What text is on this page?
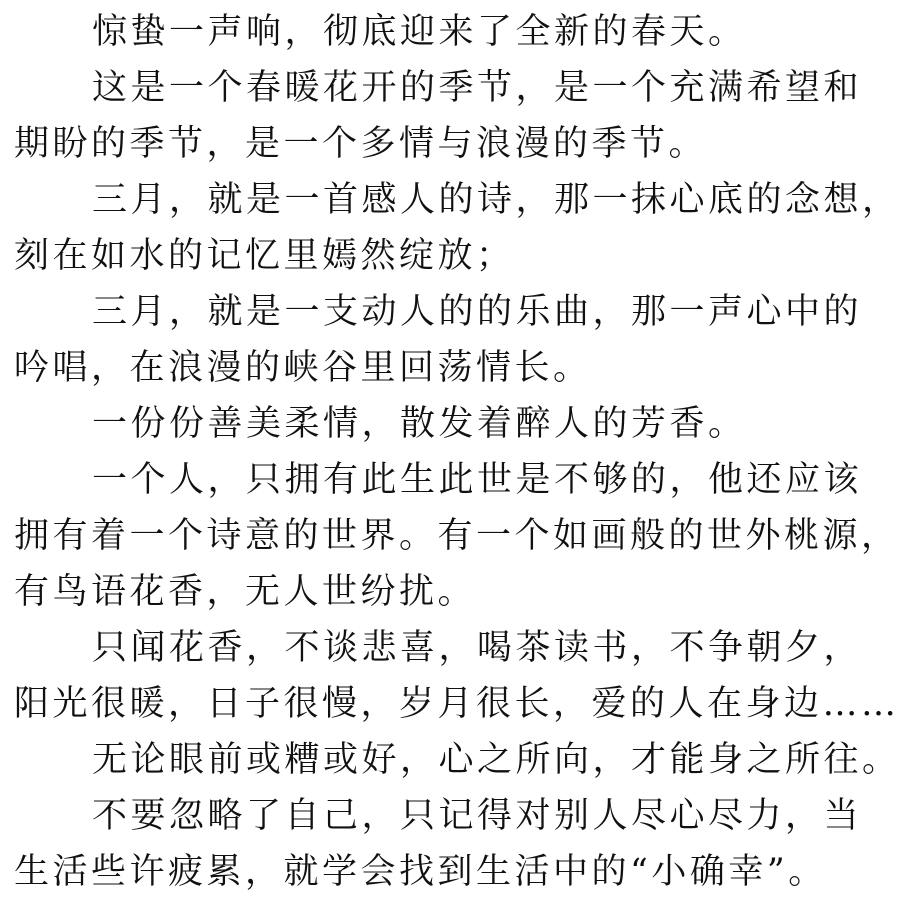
惊蛰一声响，彻底迎来了全新的春天。
这是一个春暖花开的季节，是一个充满希望和
期盼的季节，是一个多情与浪漫的季节。
三月，就是一首感人的诗，那一抹心底的念想，
刻在如水的记忆里嫣然绽放；
三月，就是一支动人的的乐曲，那一声心中的
吟唱，在浪漫的峡谷里回荡情长。
一份份善美柔情，散发着醉人的芳香。
一个人，只拥有此生此世是不够的，他还应该
拥有着一个诗意的世界。有一个如画般的世外桃源，
有鸟语花香，无人世纷扰。
只闻花香，不谈悲喜，喝茶读书，不争朝夕，
阳光很暖，日子很慢，岁月很长，爱的人在身边……
无论眼前或糟或好，心之所向，才能身之所往。
不要忽略了自己，只记得对别人尽心尽力，当
生活些许疲累，就学会找到生活中的“小确幸”。
